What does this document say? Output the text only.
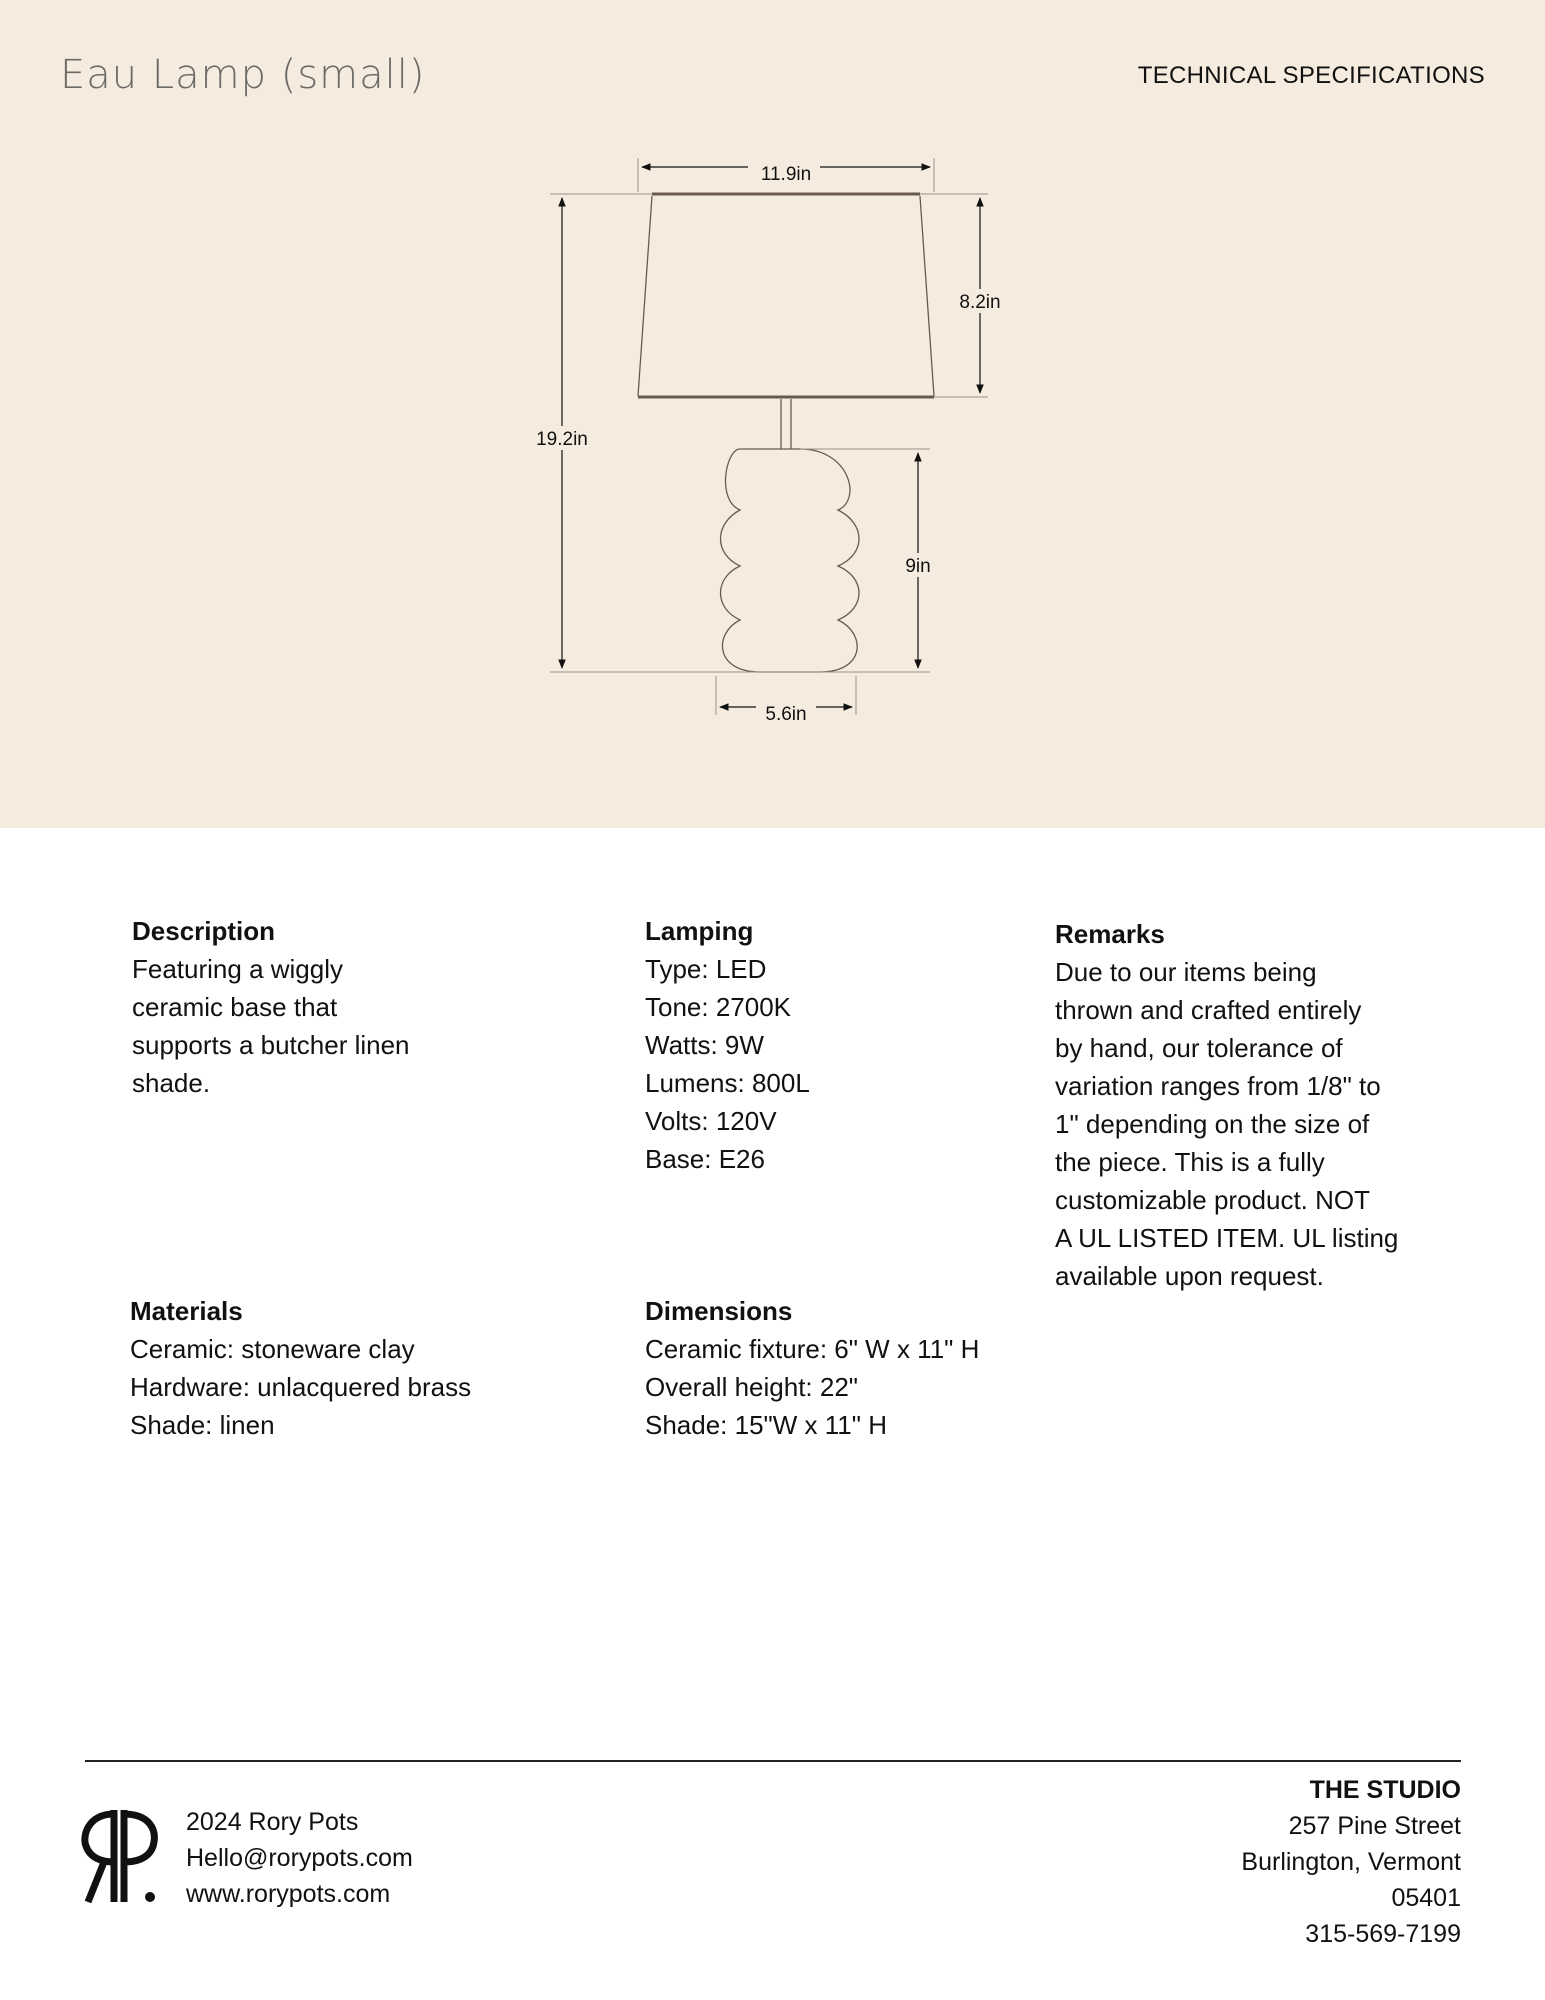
Eau Lamp (small)	TECHNICAL SPECIFICATIONS
11.9in
8.2in
19.2in
9in
5.6in
Description
Featuring a wiggly
ceramic base that
supports a butcher linen
shade.
Lamping
Type: LED
Tone: 2700K
Watts: 9W
Lumens: 800L
Volts: 120V
Base: E26
Remarks
Due to our items being
thrown and crafted entirely
by hand, our tolerance of
variation ranges from 1/8" to
1" depending on the size of
the piece. This is a fully
customizable product. NOT
A UL LISTED ITEM. UL listing
available upon request.
Materials
Ceramic: stoneware clay
Hardware: unlacquered brass
Shade: linen
Dimensions
Ceramic fixture: 6" W x 11" H
Overall height: 22"
Shade: 15"W x 11" H
2024 Rory Pots
Hello@rorypots.com
www.rorypots.com
THE STUDIO
257 Pine Street
Burlington, Vermont
05401
315-569-7199
